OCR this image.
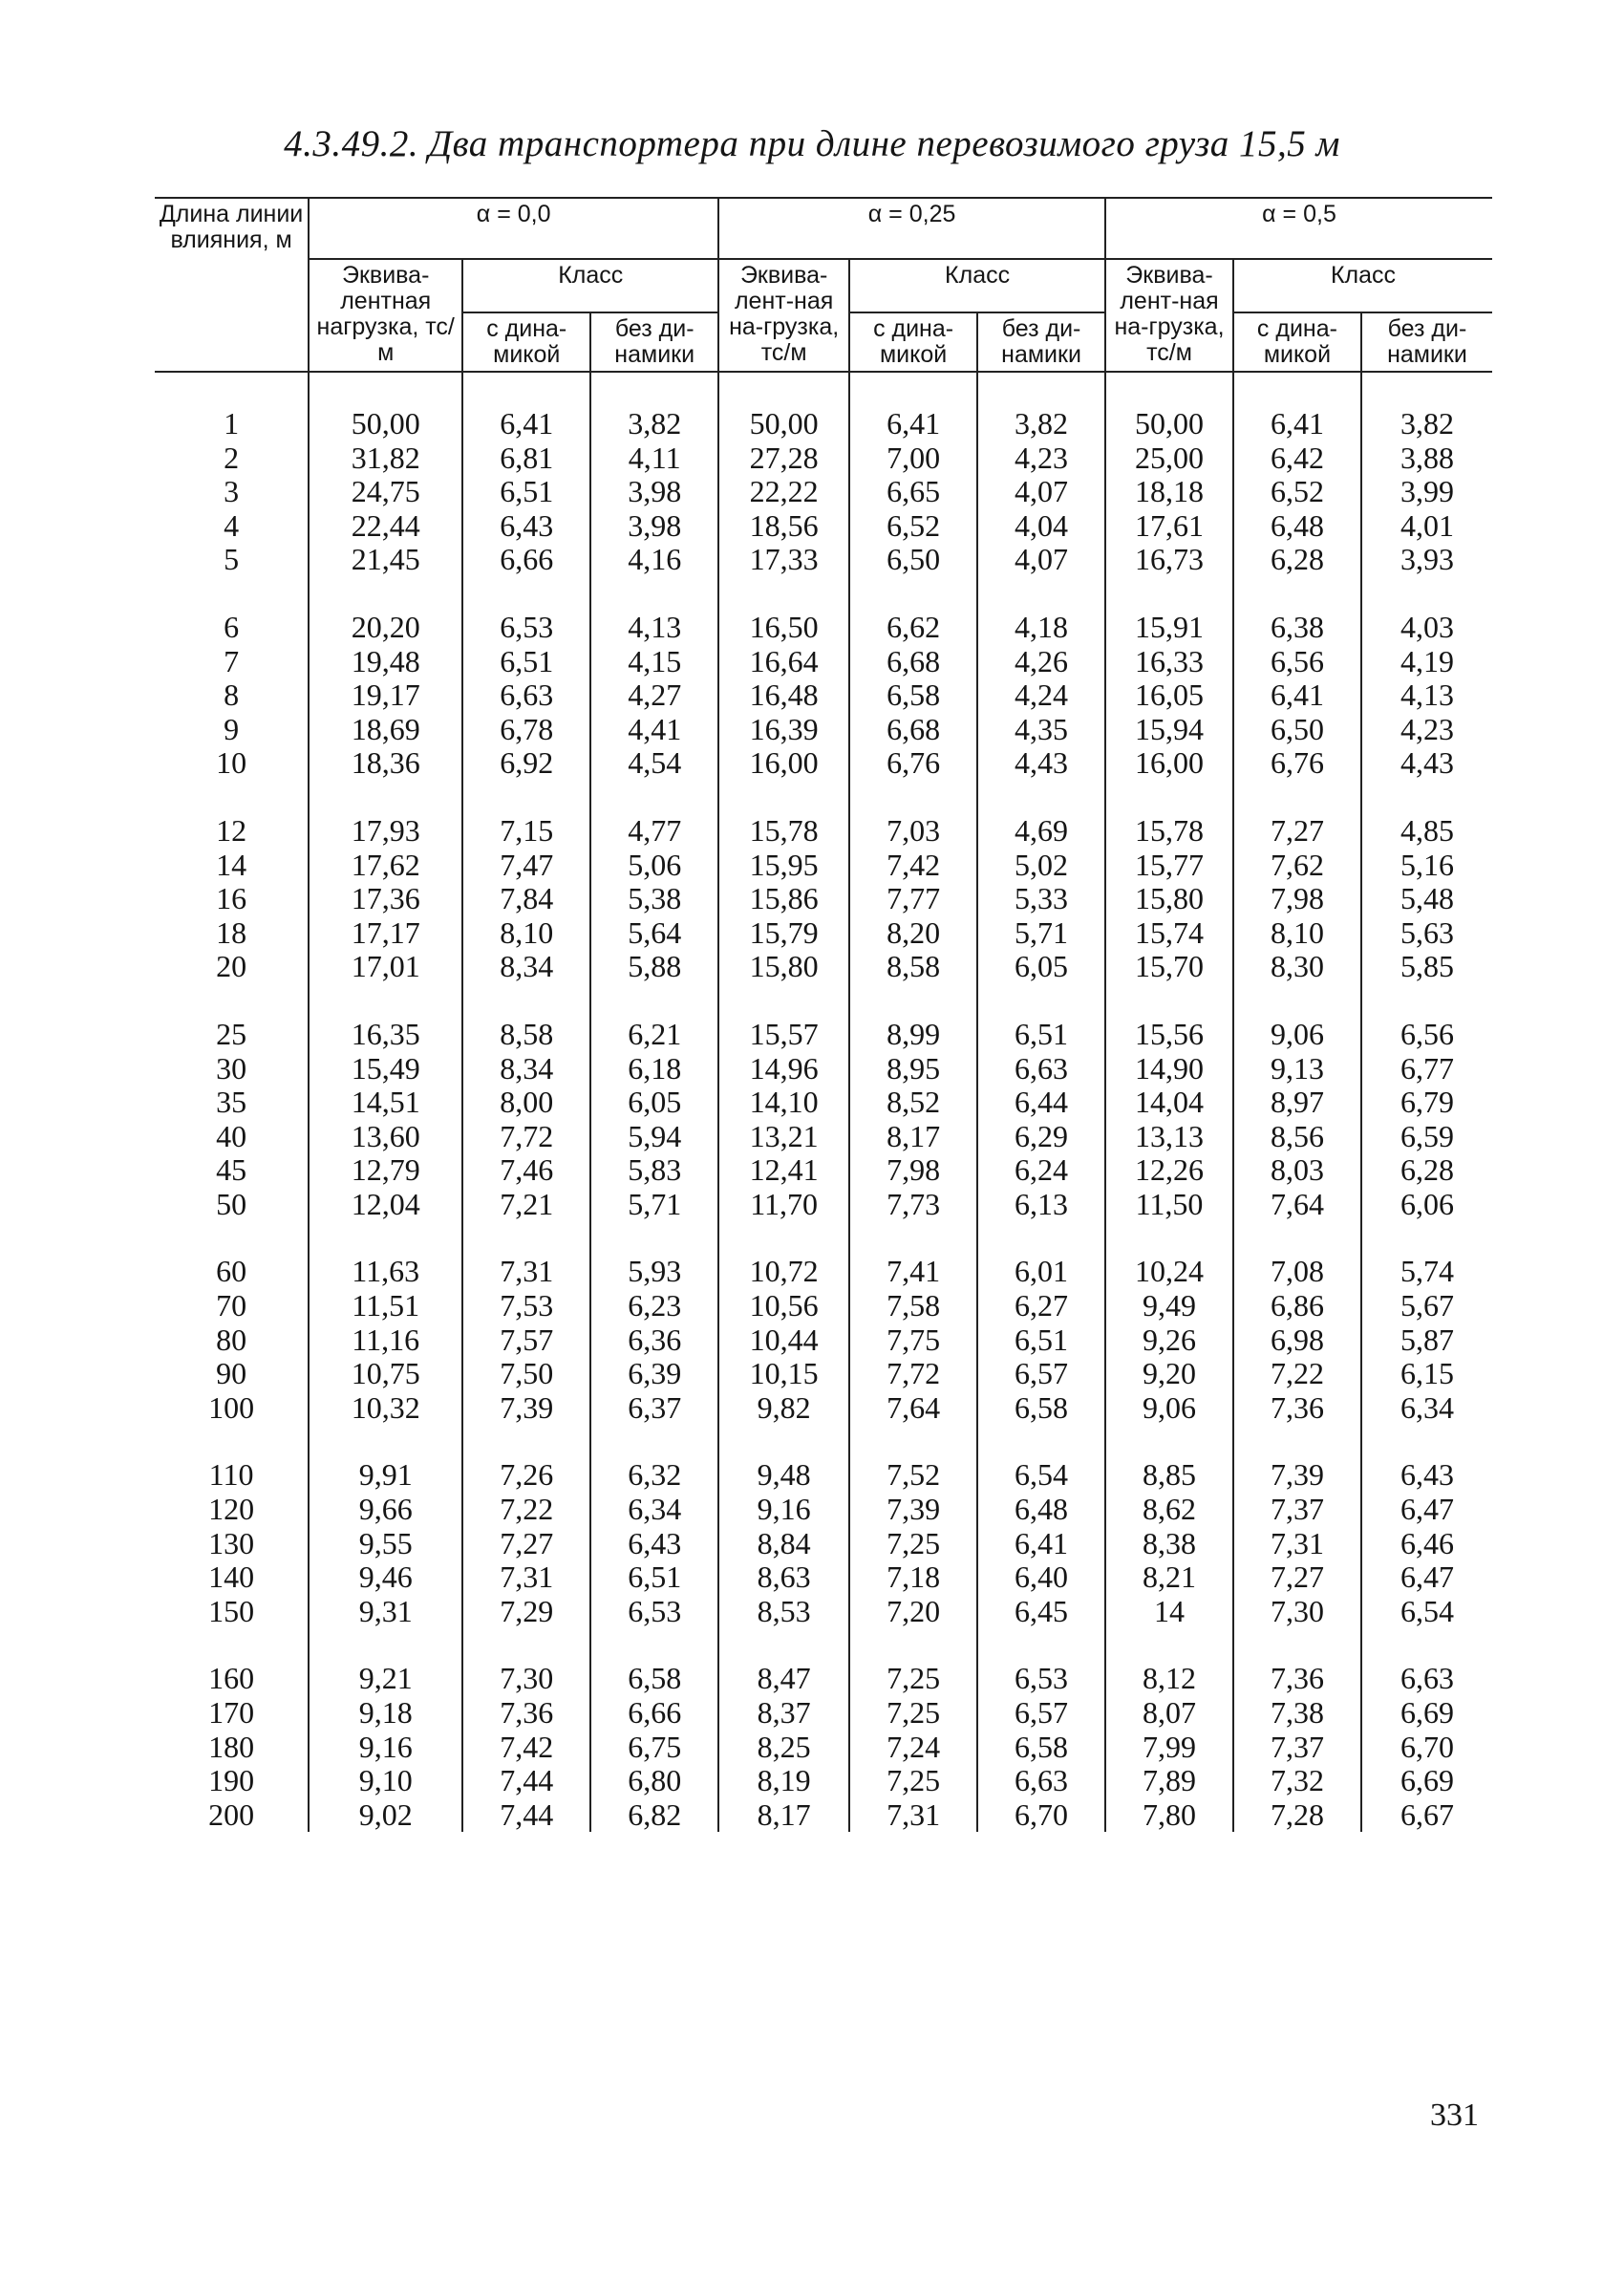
4.3.49.2. Два транспортера при длине перевозимого груза 15,5 м
Длина линии влияния, м	α = 0,0			α = 0,25			α = 0,5		
	Эквива-лентная нагрузка, тс/м	Класс		Эквива-лент-ная на-грузка, тс/м	Класс		Эквива-лент-ная на-грузка, тс/м	Класс	
		с дина-микой	без ди-намики		с дина-микой	без ди-намики		с дина-микой	без ди-намики
1	50,00	6,41	3,82	50,00	6,41	3,82	50,00	6,41	3,82
2	31,82	6,81	4,11	27,28	7,00	4,23	25,00	6,42	3,88
3	24,75	6,51	3,98	22,22	6,65	4,07	18,18	6,52	3,99
4	22,44	6,43	3,98	18,56	6,52	4,04	17,61	6,48	4,01
5	21,45	6,66	4,16	17,33	6,50	4,07	16,73	6,28	3,93

6	20,20	6,53	4,13	16,50	6,62	4,18	15,91	6,38	4,03
7	19,48	6,51	4,15	16,64	6,68	4,26	16,33	6,56	4,19
8	19,17	6,63	4,27	16,48	6,58	4,24	16,05	6,41	4,13
9	18,69	6,78	4,41	16,39	6,68	4,35	15,94	6,50	4,23
10	18,36	6,92	4,54	16,00	6,76	4,43	16,00	6,76	4,43

12	17,93	7,15	4,77	15,78	7,03	4,69	15,78	7,27	4,85
14	17,62	7,47	5,06	15,95	7,42	5,02	15,77	7,62	5,16
16	17,36	7,84	5,38	15,86	7,77	5,33	15,80	7,98	5,48
18	17,17	8,10	5,64	15,79	8,20	5,71	15,74	8,10	5,63
20	17,01	8,34	5,88	15,80	8,58	6,05	15,70	8,30	5,85

25	16,35	8,58	6,21	15,57	8,99	6,51	15,56	9,06	6,56
30	15,49	8,34	6,18	14,96	8,95	6,63	14,90	9,13	6,77
35	14,51	8,00	6,05	14,10	8,52	6,44	14,04	8,97	6,79
40	13,60	7,72	5,94	13,21	8,17	6,29	13,13	8,56	6,59
45	12,79	7,46	5,83	12,41	7,98	6,24	12,26	8,03	6,28
50	12,04	7,21	5,71	11,70	7,73	6,13	11,50	7,64	6,06

60	11,63	7,31	5,93	10,72	7,41	6,01	10,24	7,08	5,74
70	11,51	7,53	6,23	10,56	7,58	6,27	9,49	6,86	5,67
80	11,16	7,57	6,36	10,44	7,75	6,51	9,26	6,98	5,87
90	10,75	7,50	6,39	10,15	7,72	6,57	9,20	7,22	6,15
100	10,32	7,39	6,37	9,82	7,64	6,58	9,06	7,36	6,34

110	9,91	7,26	6,32	9,48	7,52	6,54	8,85	7,39	6,43
120	9,66	7,22	6,34	9,16	7,39	6,48	8,62	7,37	6,47
130	9,55	7,27	6,43	8,84	7,25	6,41	8,38	7,31	6,46
140	9,46	7,31	6,51	8,63	7,18	6,40	8,21	7,27	6,47
150	9,31	7,29	6,53	8,53	7,20	6,45	14	7,30	6,54

160	9,21	7,30	6,58	8,47	7,25	6,53	8,12	7,36	6,63
170	9,18	7,36	6,66	8,37	7,25	6,57	8,07	7,38	6,69
180	9,16	7,42	6,75	8,25	7,24	6,58	7,99	7,37	6,70
190	9,10	7,44	6,80	8,19	7,25	6,63	7,89	7,32	6,69
200	9,02	7,44	6,82	8,17	7,31	6,70	7,80	7,28	6,67
331
